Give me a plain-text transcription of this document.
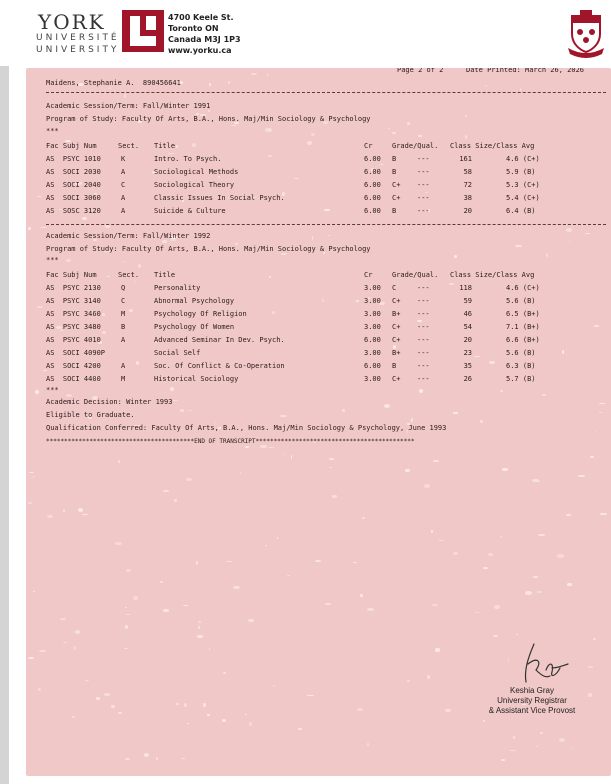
YORK
UNIVERSITÉ
UNIVERSITY
4700 Keele St.
Toronto ON
Canada M3J 1P3
www.yorku.ca
Page 2 of 2	Date Printed: March 26, 2026
Maidens, Stephanie A.  890456641
Academic Session/Term: Fall/Winter 1991
Program of Study: Faculty Of Arts, B.A., Hons. Maj/Min Sociology & Psychology
***
Fac Subj Num	Sect. Title	Cr	Grade/Qual. Class Size/Class Avg
AS  PSYC 1010	K	Intro. To Psych.	6.00 B	---	161	4.6 (C+)
AS  SOCI 2030	A	Sociological Methods	6.00 B	---	58	5.9 (B)
AS  SOCI 2040	C	Sociological Theory	6.00 C+ ---	72	5.3 (C+)
AS  SOCI 3060	A	Classic Issues In Social Psych.	6.00 C+ ---	38	5.4 (C+)
AS  SOSC 3120	A	Suicide & Culture	6.00 B	---	20	6.4 (B)
Academic Session/Term: Fall/Winter 1992
Program of Study: Faculty Of Arts, B.A., Hons. Maj/Min Sociology & Psychology
***
Fac Subj Num	Sect. Title	Cr	Grade/Qual. Class Size/Class Avg
AS  PSYC 2130	Q	Personality	3.00 C	---	118	4.6 (C+)
AS  PSYC 3140	C	Abnormal Psychology	3.00 C+ ---	59	5.6 (B)
AS  PSYC 3460	M	Psychology Of Religion	3.00 B+ ---	46	6.5 (B+)
AS  PSYC 3480	B	Psychology Of Women	3.00 C+ ---	54	7.1 (B+)
AS  PSYC 4010	A	Advanced Seminar In Dev. Psych.	6.00 C+ ---	20	6.6 (B+)
AS  SOCI 4090P	Social Self	3.00 B+ ---	23	5.6 (B)
AS  SOCI 4200	A	Soc. Of Conflict & Co-Operation	6.00 B	---	35	6.3 (B)
AS  SOCI 4400	M	Historical Sociology	3.00 C+ ---	26	5.7 (B)
***
Academic Decision: Winter 1993
Eligible to Graduate.
Qualification Conferred: Faculty Of Arts, B.A., Hons. Maj/Min Sociology & Psychology, June 1993
*****************************************END OF TRANSCRIPT********************************************
Keshia Gray
University Registrar
& Assistant Vice Provost
